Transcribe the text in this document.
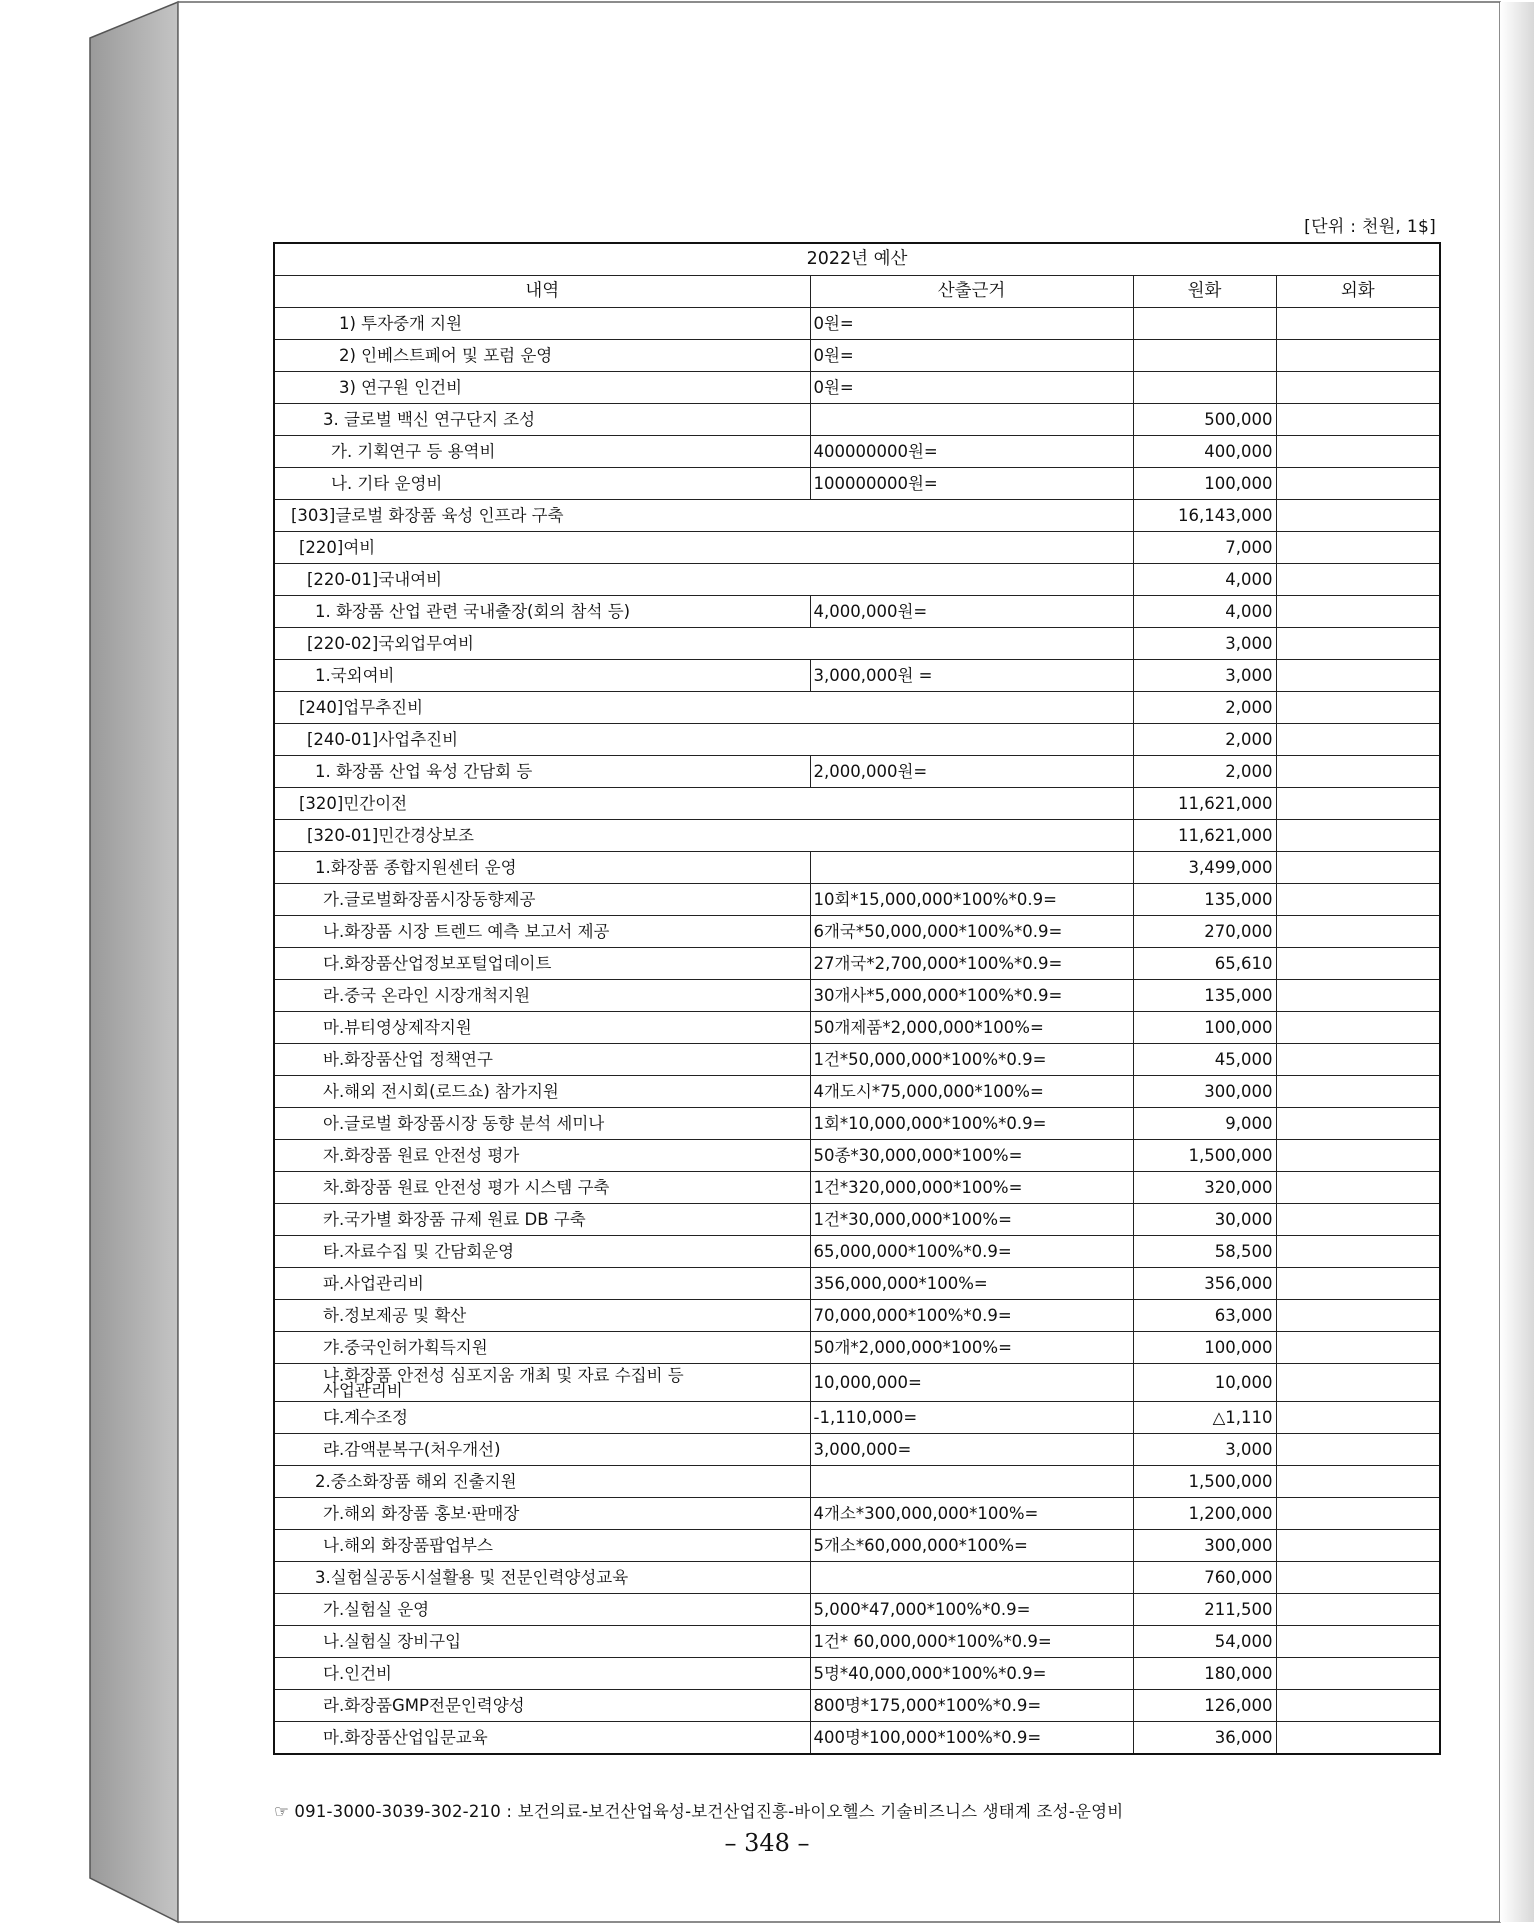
[단위 : 천원, 1$]
2022년 예산			
내역	산출근거	원화	외화
1) 투자중개 지원	0원=		
2) 인베스트페어 및 포럼 운영	0원=		
3) 연구원 인건비	0원=		
3. 글로벌 백신 연구단지 조성		500,000	
가. 기획연구 등 용역비	400000000원=	400,000	
나. 기타 운영비	100000000원=	100,000	
[303]글로벌 화장품 육성 인프라 구축		16,143,000	
[220]여비		7,000	
[220-01]국내여비		4,000	
1. 화장품 산업 관련 국내출장(회의 참석 등)	4,000,000원=	4,000	
[220-02]국외업무여비		3,000	
1.국외여비	3,000,000원 =	3,000	
[240]업무추진비		2,000	
[240-01]사업추진비		2,000	
1. 화장품 산업 육성 간담회 등	2,000,000원=	2,000	
[320]민간이전		11,621,000	
[320-01]민간경상보조		11,621,000	
1.화장품 종합지원센터 운영		3,499,000	
가.글로벌화장품시장동향제공	10회*15,000,000*100%*0.9=	135,000	
나.화장품 시장 트렌드 예측 보고서 제공	6개국*50,000,000*100%*0.9=	270,000	
다.화장품산업정보포털업데이트	27개국*2,700,000*100%*0.9=	65,610	
라.중국 온라인 시장개척지원	30개사*5,000,000*100%*0.9=	135,000	
마.뷰티영상제작지원	50개제품*2,000,000*100%=	100,000	
바.화장품산업 정책연구	1건*50,000,000*100%*0.9=	45,000	
사.해외 전시회(로드쇼) 참가지원	4개도시*75,000,000*100%=	300,000	
아.글로벌 화장품시장 동향 분석 세미나	1회*10,000,000*100%*0.9=	9,000	
자.화장품 원료 안전성 평가	50종*30,000,000*100%=	1,500,000	
차.화장품 원료 안전성 평가 시스템 구축	1건*320,000,000*100%=	320,000	
카.국가별 화장품 규제 원료 DB 구축	1건*30,000,000*100%=	30,000	
타.자료수집 및 간담회운영	65,000,000*100%*0.9=	58,500	
파.사업관리비	356,000,000*100%=	356,000	
하.정보제공 및 확산	70,000,000*100%*0.9=	63,000	
갸.중국인허가획득지원	50개*2,000,000*100%=	100,000	

냐.화장품 안전성 심포지움 개최 및 자료 수집비 등
사업관리비	10,000,000=	10,000	
댜.계수조정	-1,110,000=	△1,110	
랴.감액분복구(처우개선)	3,000,000=	3,000	
2.중소화장품 해외 진출지원		1,500,000	
가.해외 화장품 홍보·판매장	4개소*300,000,000*100%=	1,200,000	
나.해외 화장품팝업부스	5개소*60,000,000*100%=	300,000	
3.실험실공동시설활용 및 전문인력양성교육		760,000	
가.실험실 운영	5,000*47,000*100%*0.9=	211,500	
나.실험실 장비구입	1건* 60,000,000*100%*0.9=	54,000	
다.인건비	5명*40,000,000*100%*0.9=	180,000	
라.화장품GMP전문인력양성	800명*175,000*100%*0.9=	126,000	
마.화장품산업입문교육	400명*100,000*100%*0.9=	36,000	
☞ 091-3000-3039-302-210 : 보건의료-보건산업육성-보건산업진흥-바이오헬스 기술비즈니스 생태계 조성-운영비
– 348 –
